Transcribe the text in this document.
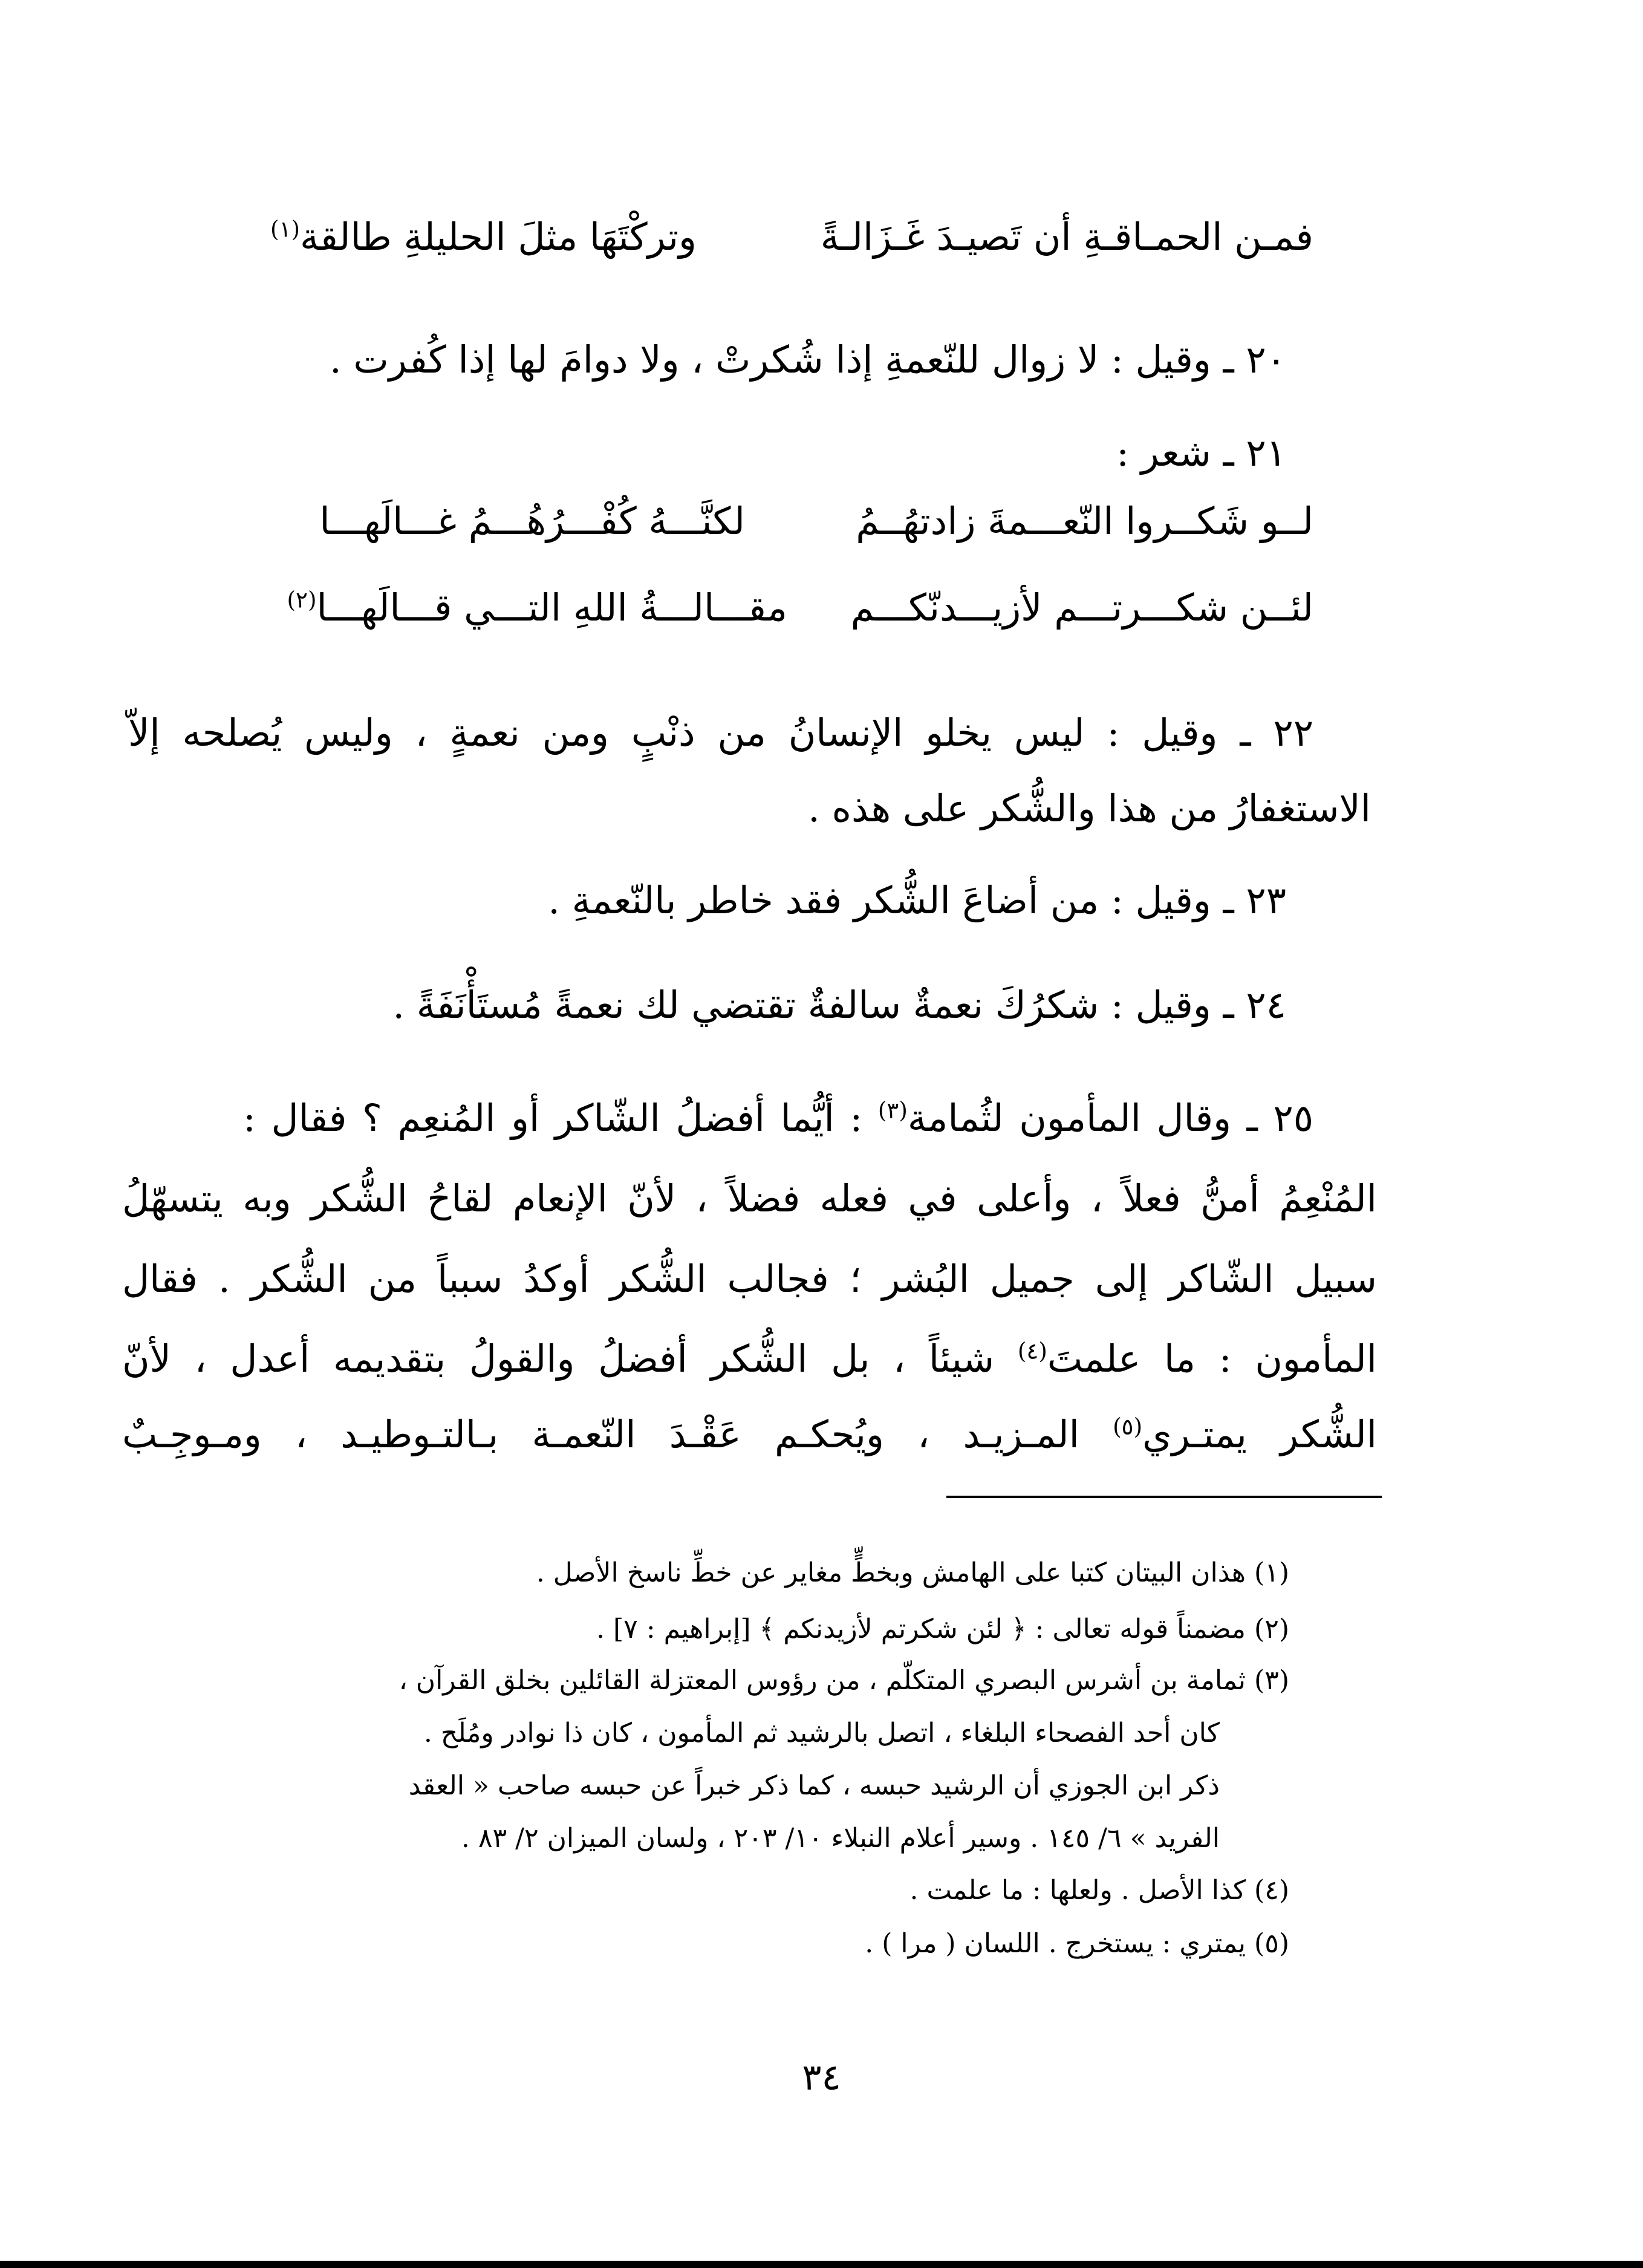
فمـن الحمـاقـةِ أن تَصيـدَ غَـزَالـةً
وتركْتَهَا مثلَ الحليلةِ طالقة$^{(١)}$
٢٠ ـ وقيل : لا زوال للنّعمةِ إذا شُكرتْ ، ولا دوامَ لها إذا كُفرت .
٢١ ـ شعر :
لــو شَكــروا النّعـــمةَ زادتهُــمُ
لكنَّـــهُ كُفْـــرُهُـــمُ غـــالَهـــا
لئــن شكـــرتـــم لأزيـــدنّكـــم
مقـــالـــةُ اللهِ التـــي قـــالَهـــا$^{(٢)}$
٢٢ ـ وقيل : ليس يخلو الإنسانُ من ذنْبٍ ومن نعمةٍ ، وليس يُصلحه إلاّ
الاستغفارُ من هذا والشُّكر على هذه .
٢٣ ـ وقيل : من أضاعَ الشُّكر فقد خاطر بالنّعمةِ .
٢٤ ـ وقيل : شكرُكَ نعمةٌ سالفةٌ تقتضي لك نعمةً مُستَأْنَفَةً .
٢٥ ـ وقال المأمون لثُمامة$^{(٣)}$ : أيُّما أفضلُ الشّاكر أو المُنعِم ؟ فقال :
المُنْعِمُ أمنُّ فعلاً ، وأعلى في فعله فضلاً ، لأنّ الإنعام لقاحُ الشُّكر وبه يتسهّلُ
سبيل الشّاكر إلى جميل البُشر ؛ فجالب الشُّكر أوكدُ سبباً من الشُّكر . فقال
المأمون : ما علمتَ$^{(٤)}$ شيئاً ، بل الشُّكر أفضلُ والقولُ بتقديمه أعدل ، لأنّ
الشُّكر يمتـري$^{(٥)}$ المـزيـد ، ويُحكـم عَقْـدَ النّعمـة بـالتـوطيـد ، ومـوجِـبٌ
(١) هذان البيتان كتبا على الهامش وبخطٍّ مغاير عن خطِّ ناسخ الأصل .
(٢) مضمناً قوله تعالى : ﴿ لئن شكرتم لأزيدنكم ﴾ [إبراهيم : ٧] .
(٣) ثمامة بن أشرس البصري المتكلّم ، من رؤوس المعتزلة القائلين بخلق القرآن ،
كان أحد الفصحاء البلغاء ، اتصل بالرشيد ثم المأمون ، كان ذا نوادر ومُلَح .
ذكر ابن الجوزي أن الرشيد حبسه ، كما ذكر خبراً عن حبسه صاحب « العقد
الفريد » ٦/ ١٤٥ . وسير أعلام النبلاء ١٠/ ٢٠٣ ، ولسان الميزان ٢/ ٨٣ .
(٤) كذا الأصل . ولعلها : ما علمت .
(٥) يمتري : يستخرج . اللسان ( مرا ) .
٣٤
